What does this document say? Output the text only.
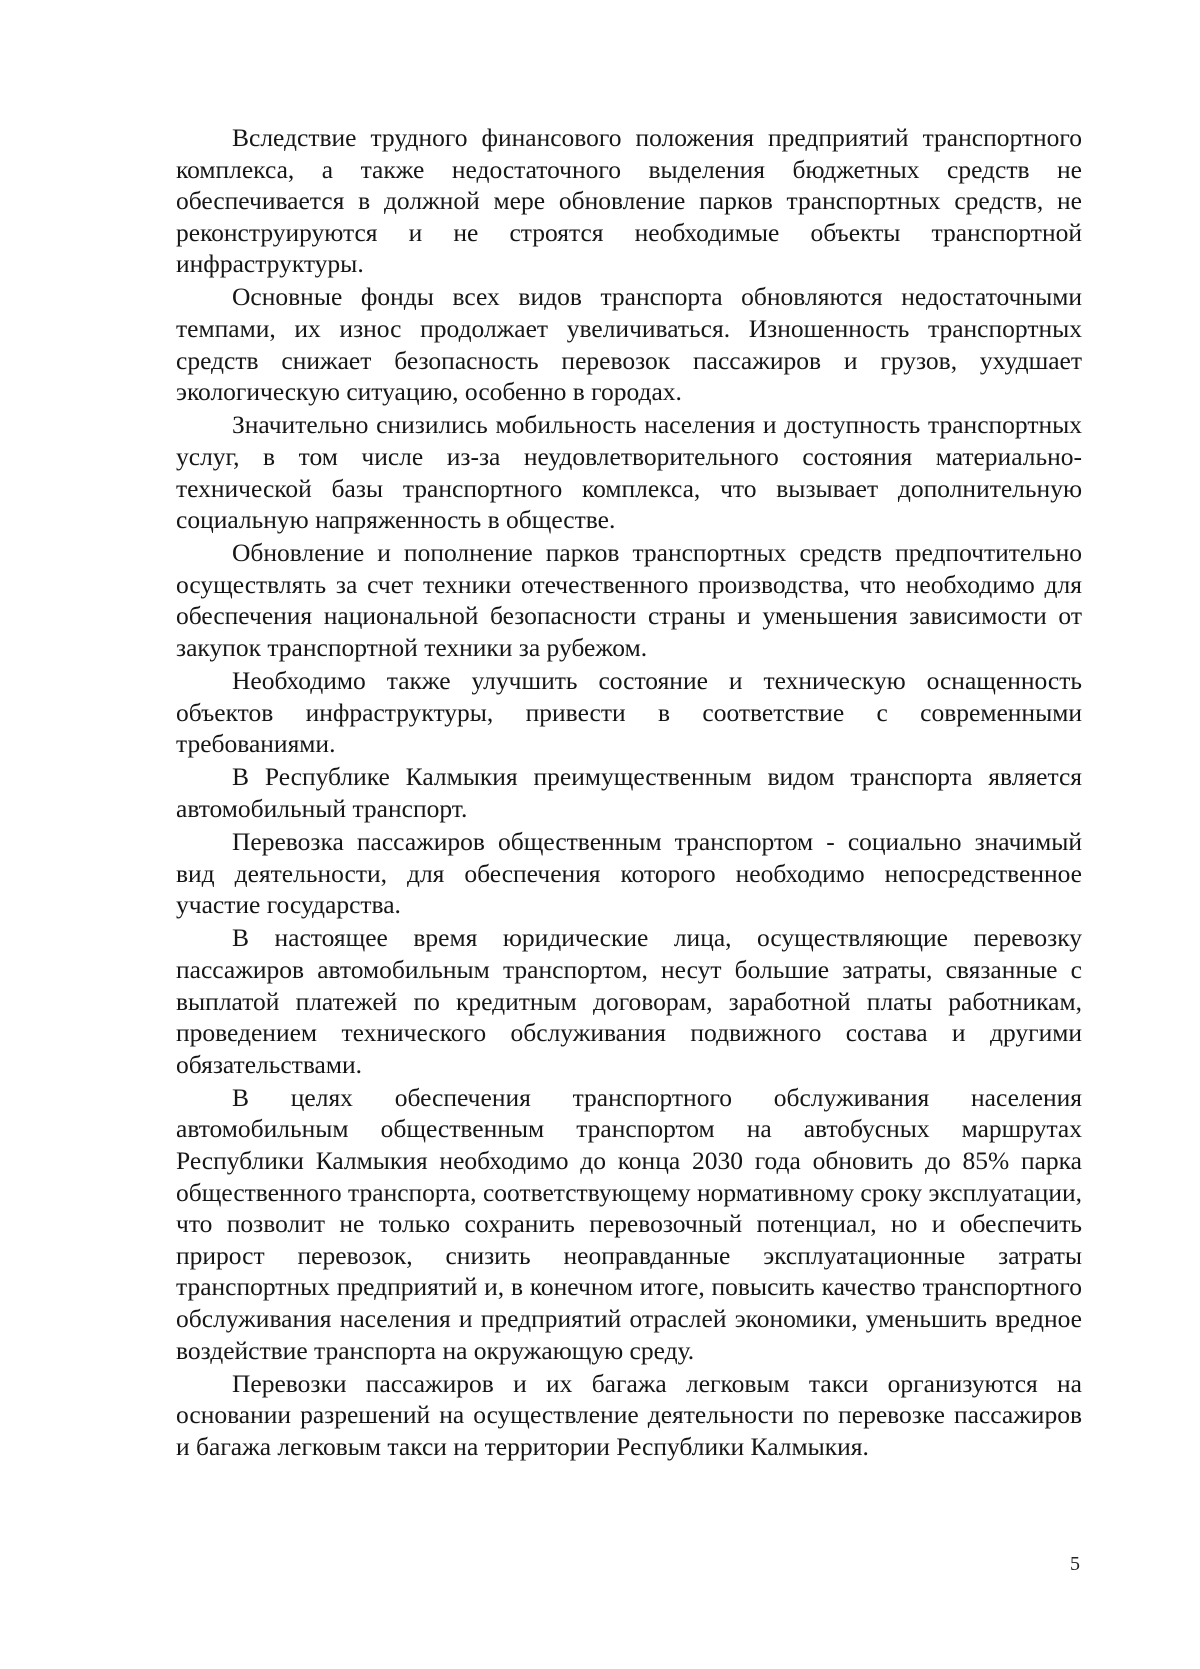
Вследствие трудного финансового положения предприятий транспортного комплекса, а также недостаточного выделения бюджетных средств не обеспечивается в должной мере обновление парков транспортных средств, не реконструируются и не строятся необходимые объекты транспортной инфраструктуры.

Основные фонды всех видов транспорта обновляются недостаточными темпами, их износ продолжает увеличиваться. Изношенность транспортных средств снижает безопасность перевозок пассажиров и грузов, ухудшает экологическую ситуацию, особенно в городах.

Значительно снизились мобильность населения и доступность транспортных услуг, в том числе из-за неудовлетворительного состояния материально-технической базы транспортного комплекса, что вызывает дополнительную социальную напряженность в обществе.

Обновление и пополнение парков транспортных средств предпочтительно осуществлять за счет техники отечественного производства, что необходимо для обеспечения национальной безопасности страны и уменьшения зависимости от закупок транспортной техники за рубежом.

Необходимо также улучшить состояние и техническую оснащенность объектов инфраструктуры, привести в соответствие с современными требованиями.

В Республике Калмыкия преимущественным видом транспорта является автомобильный транспорт.

Перевозка пассажиров общественным транспортом - социально значимый вид деятельности, для обеспечения которого необходимо непосредственное участие государства.

В настоящее время юридические лица, осуществляющие перевозку пассажиров автомобильным транспортом, несут большие затраты, связанные с выплатой платежей по кредитным договорам, заработной платы работникам, проведением технического обслуживания подвижного состава и другими обязательствами.

В целях обеспечения транспортного обслуживания населения автомобильным общественным транспортом на автобусных маршрутах Республики Калмыкия необходимо до конца 2030 года обновить до 85% парка общественного транспорта, соответствующему нормативному сроку эксплуатации, что позволит не только сохранить перевозочный потенциал, но и обеспечить прирост перевозок, снизить неоправданные эксплуатационные затраты транспортных предприятий и, в конечном итоге, повысить качество транспортного обслуживания населения и предприятий отраслей экономики, уменьшить вредное воздействие транспорта на окружающую среду.

Перевозки пассажиров и их багажа легковым такси организуются на основании разрешений на осуществление деятельности по перевозке пассажиров и багажа легковым такси на территории Республики Калмыкия.

5
